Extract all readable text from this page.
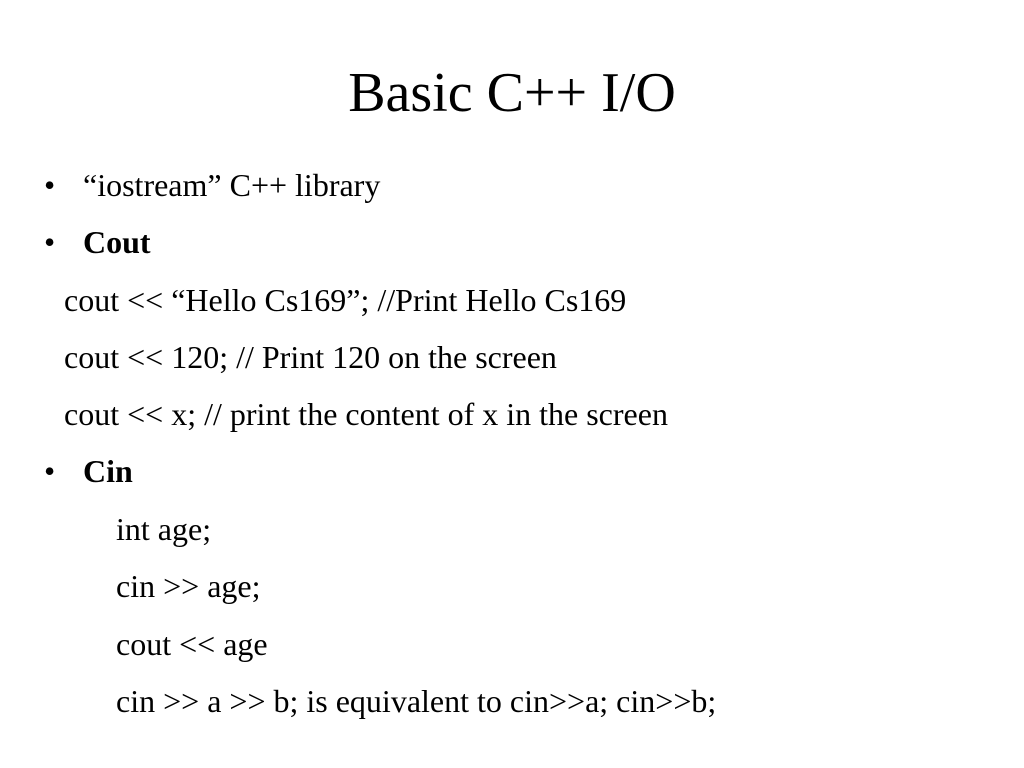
Basic C++ I/O
• “iostream” C++ library
• Cout
cout << “Hello Cs169”; //Print Hello Cs169
cout << 120; // Print 120 on the screen
cout << x; // print the content of x in the screen
• Cin
int age;
cin >> age;
cout << age
cin >> a >> b; is equivalent to cin>>a; cin>>b;
